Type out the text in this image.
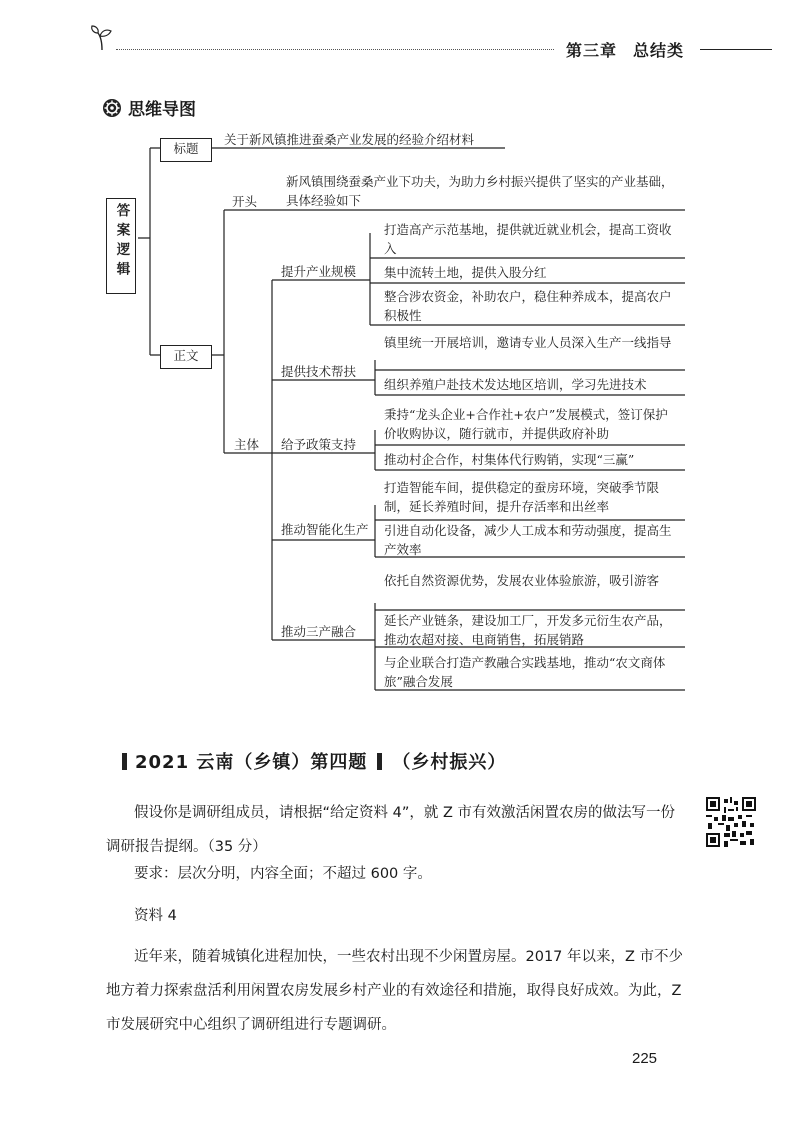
第三章 总结类
思维导图
答案逻辑
标题
关于新风镇推进蚕桑产业发展的经验介绍材料
正文
开头
新风镇围绕蚕桑产业下功夫，为助力乡村振兴提供了坚实的产业基础，具体经验如下
主体
提升产业规模
打造高产示范基地，提供就近就业机会，提高工资收入
集中流转土地，提供入股分红
整合涉农资金，补助农户，稳住种养成本，提高农户积极性
提供技术帮扶
镇里统一开展培训，邀请专业人员深入生产一线指导
组织养殖户赴技术发达地区培训，学习先进技术
给予政策支持
秉持“龙头企业+合作社+农户”发展模式，签订保护价收购协议，随行就市，并提供政府补助
推动村企合作，村集体代行购销，实现“三赢”
推动智能化生产
打造智能车间，提供稳定的蚕房环境，突破季节限制，延长养殖时间，提升存活率和出丝率
引进自动化设备，减少人工成本和劳动强度，提高生产效率
推动三产融合
依托自然资源优势，发展农业体验旅游，吸引游客
延长产业链条，建设加工厂，开发多元衍生农产品，推动农超对接、电商销售，拓展销路
与企业联合打造产教融合实践基地，推动“农文商体旅”融合发展
2021 云南（乡镇）第四题 （乡村振兴）
假设你是调研组成员，请根据“给定资料 4”，就 Z 市有效激活闲置农房的做法写一份调研报告提纲。（35 分）
要求：层次分明，内容全面；不超过 600 字。
资料 4
近年来，随着城镇化进程加快，一些农村出现不少闲置房屋。2017 年以来，Z 市不少地方着力探索盘活利用闲置农房发展乡村产业的有效途径和措施，取得良好成效。为此，Z 市发展研究中心组织了调研组进行专题调研。
225
